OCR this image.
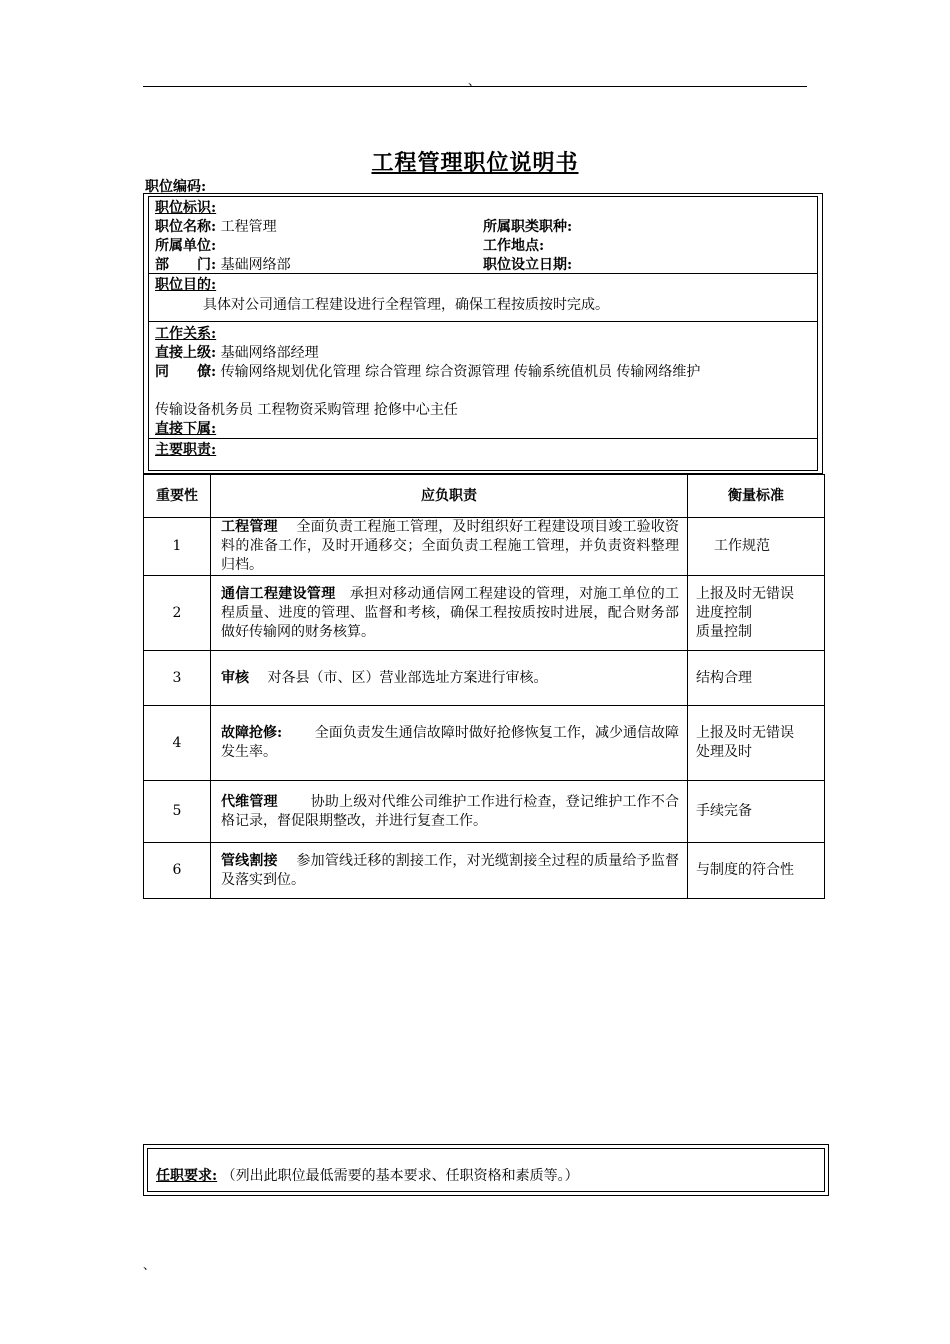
、
工程管理职位说明书
职位编码:
职位标识:
职位名称: 工程管理	所属职类职种:
所属单位:	工作地点:
部　　门: 基础网络部	职位设立日期:
职位目的:
具体对公司通信工程建设进行全程管理，确保工程按质按时完成。
工作关系:
直接上级: 基础网络部经理
同　　僚: 传输网络规划优化管理 综合管理 综合资源管理 传输系统值机员 传输网络维护
传输设备机务员 工程物资采购管理 抢修中心主任
直接下属:
主要职责:
重要性	应负职责	衡量标准
1	工程管理　 全面负责工程施工管理，及时组织好工程建设项目竣工验收资料的准备工作，及时开通移交；全面负责工程施工管理，并负责资料整理归档。	工作规范
2	通信工程建设管理　 承担对移动通信网工程建设的管理，对施工单位的工程质量、进度的管理、监督和考核，确保工程按质按时进展，配合财务部做好传输网的财务核算。	上报及时无错误
进度控制
质量控制
3	审核　 对各县（市、区）营业部选址方案进行审核。	结构合理
4	故障抢修:　　 全面负责发生通信故障时做好抢修恢复工作，减少通信故障发生率。	上报及时无错误
处理及时
5	代维管理　　 协助上级对代维公司维护工作进行检查，登记维护工作不合格记录，督促限期整改，并进行复查工作。	手续完备
6	管线割接　 参加管线迁移的割接工作，对光缆割接全过程的质量给予监督及落实到位。	与制度的符合性
任职要求: （列出此职位最低需要的基本要求、任职资格和素质等。）
、
